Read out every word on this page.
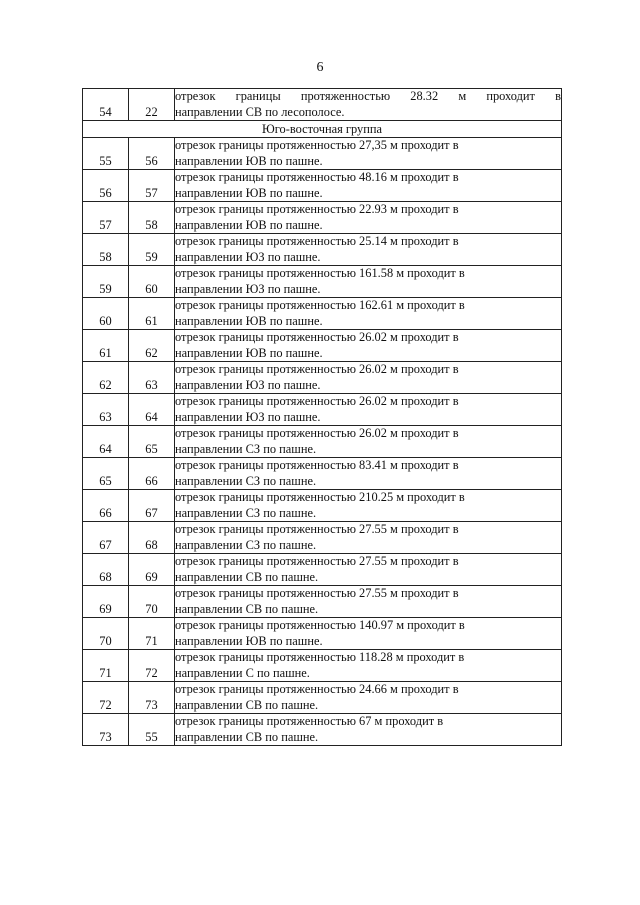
6
54	22	отрезок границы протяженностью 28.32 м проходит в
направлении СВ по лесополосе.

Юго-восточная группа		
55	56	отрезок границы протяженностью 27,35 м проходит в
направлении ЮВ по пашне.

56	57	отрезок границы протяженностью 48.16 м проходит в
направлении ЮВ по пашне.

57	58	отрезок границы протяженностью 22.93 м проходит в
направлении ЮВ по пашне.

58	59	отрезок границы протяженностью 25.14 м проходит в
направлении ЮЗ по пашне.

59	60	отрезок границы протяженностью 161.58 м проходит в
направлении ЮЗ по пашне.

60	61	отрезок границы протяженностью 162.61 м проходит в
направлении ЮВ по пашне.

61	62	отрезок границы протяженностью 26.02 м проходит в
направлении ЮВ по пашне.

62	63	отрезок границы протяженностью 26.02 м проходит в
направлении ЮЗ по пашне.

63	64	отрезок границы протяженностью 26.02 м проходит в
направлении ЮЗ по пашне.

64	65	отрезок границы протяженностью 26.02 м проходит в
направлении СЗ по пашне.

65	66	отрезок границы протяженностью 83.41 м проходит в
направлении СЗ по пашне.

66	67	отрезок границы протяженностью 210.25 м проходит в
направлении СЗ по пашне.

67	68	отрезок границы протяженностью 27.55 м проходит в
направлении СЗ по пашне.

68	69	отрезок границы протяженностью 27.55 м проходит в
направлении СВ по пашне.

69	70	отрезок границы протяженностью 27.55 м проходит в
направлении СВ по пашне.

70	71	отрезок границы протяженностью 140.97 м проходит в
направлении ЮВ по пашне.

71	72	отрезок границы протяженностью 118.28 м проходит в
направлении С по пашне.

72	73	отрезок границы протяженностью 24.66 м проходит в
направлении СВ по пашне.

73	55	отрезок границы протяженностью 67 м проходит в
направлении СВ по пашне.
